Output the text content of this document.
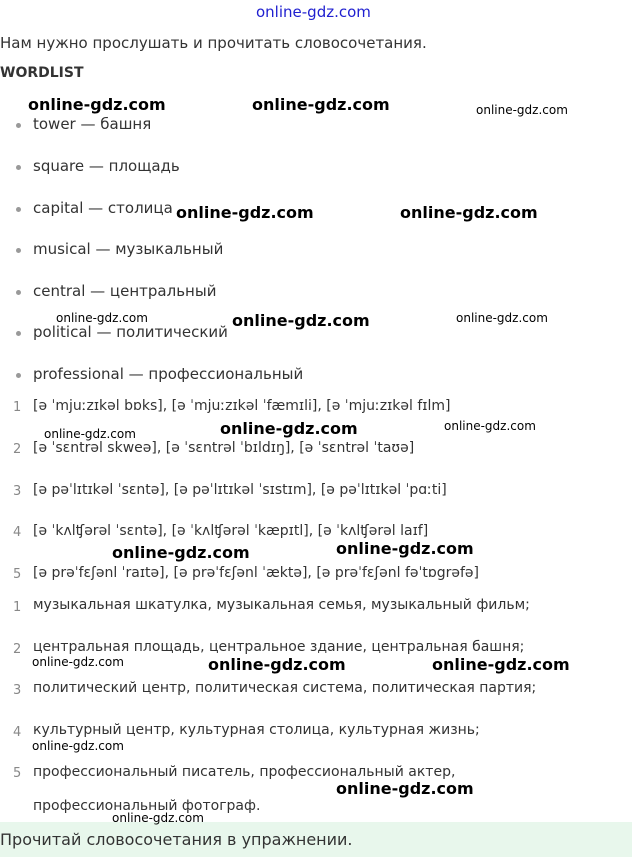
online-gdz.com
Нам нужно прослушать и прочитать словосочетания.
WORDLIST
tower — башня
square — площадь
capital — столица
musical — музыкальный
central — центральный
political — политический
professional — профессиональный
1 [ə ˈmjuːzɪkəl bɒks], [ə ˈmjuːzɪkəl ˈfæmɪli], [ə ˈmjuːzɪkəl fɪlm]
2 [ə ˈsɛntrəl skweə], [ə ˈsɛntrəl ˈbɪldɪŋ], [ə ˈsɛntrəl ˈtaʊə]
3 [ə pəˈlɪtɪkəl ˈsɛntə], [ə pəˈlɪtɪkəl ˈsɪstɪm], [ə pəˈlɪtɪkəl ˈpɑːti]
4 [ə ˈkʌlʧərəl ˈsɛntə], [ə ˈkʌlʧərəl ˈkæpɪtl], [ə ˈkʌlʧərəl laɪf]
5 [ə prəˈfɛʃənl ˈraɪtə], [ə prəˈfɛʃənl ˈæktə], [ə prəˈfɛʃənl fəˈtɒgrəfə]
1 музыкальная шкатулка, музыкальная семья, музыкальный фильм;
2 центральная площадь, центральное здание, центральная башня;
3 политический центр, политическая система, политическая партия;
4 культурный центр, культурная столица, культурная жизнь;
5 профессиональный писатель, профессиональный актер,
профессиональный фотограф.
Прочитай словосочетания в упражнении.
online-gdz.com	online-gdz.com	online-gdz.com
online-gdz.com	online-gdz.com
online-gdz.com	online-gdz.com	online-gdz.com
online-gdz.com	online-gdz.com	online-gdz.com
online-gdz.com	online-gdz.com
online-gdz.com	online-gdz.com	online-gdz.com
online-gdz.com
online-gdz.com
online-gdz.com
